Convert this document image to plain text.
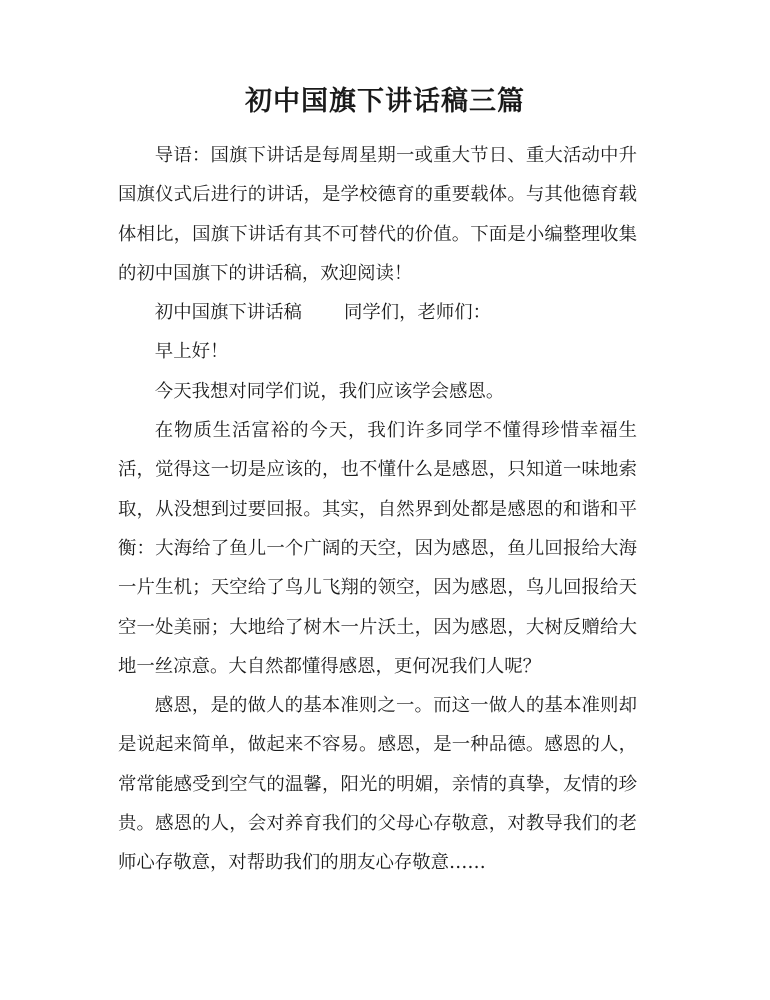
初中国旗下讲话稿三篇

导语：国旗下讲话是每周星期一或重大节日、重大活动中升国旗仪式后进行的讲话，是学校德育的重要载体。与其他德育载体相比，国旗下讲话有其不可替代的价值。下面是小编整理收集的初中国旗下的讲话稿，欢迎阅读！

初中国旗下讲话稿 同学们，老师们：

早上好！

今天我想对同学们说，我们应该学会感恩。

在物质生活富裕的今天，我们许多同学不懂得珍惜幸福生活，觉得这一切是应该的，也不懂什么是感恩，只知道一味地索取，从没想到过要回报。其实，自然界到处都是感恩的和谐和平衡：大海给了鱼儿一个广阔的天空，因为感恩，鱼儿回报给大海一片生机；天空给了鸟儿飞翔的领空，因为感恩，鸟儿回报给天空一处美丽；大地给了树木一片沃土，因为感恩，大树反赠给大地一丝凉意。大自然都懂得感恩，更何况我们人呢？

感恩，是的做人的基本准则之一。而这一做人的基本准则却是说起来简单，做起来不容易。感恩，是一种品德。感恩的人，常常能感受到空气的温馨，阳光的明媚，亲情的真挚，友情的珍贵。感恩的人，会对养育我们的父母心存敬意，对教导我们的老师心存敬意，对帮助我们的朋友心存敬意……
